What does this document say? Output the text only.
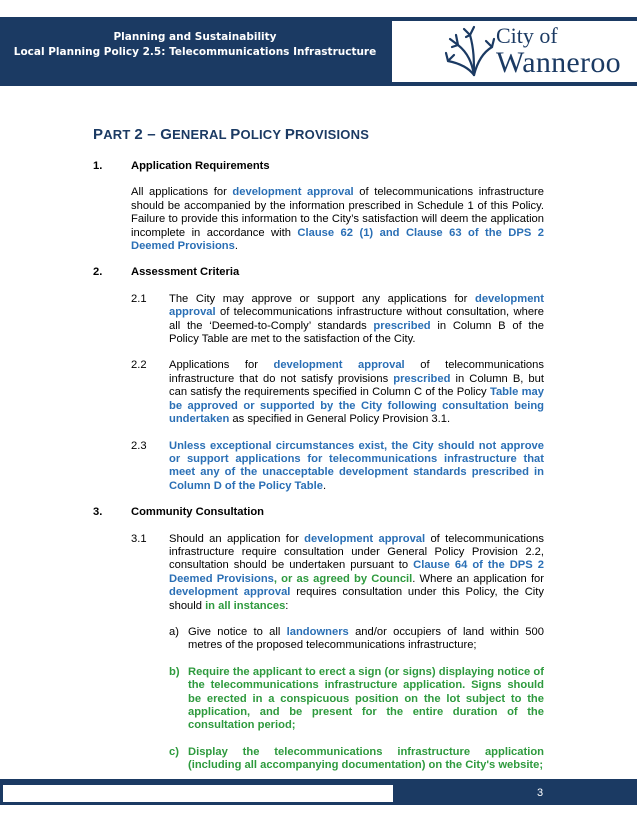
Planning and Sustainability
Local Planning Policy 2.5: Telecommunications Infrastructure
City of
Wanneroo
PART 2 – GENERAL POLICY PROVISIONS
1.	Application Requirements
All applications for development approval of telecommunications infrastructure should be accompanied by the information prescribed in Schedule 1 of this Policy. Failure to provide this information to the City’s satisfaction will deem the application incomplete in accordance with Clause 62 (1) and Clause 63 of the DPS 2 Deemed Provisions.
2.	Assessment Criteria
2.1 The City may approve or support any applications for development approval of telecommunications infrastructure without consultation, where all the ‘Deemed-to-Comply’ standards prescribed in Column B of the Policy Table are met to the satisfaction of the City.
2.2 Applications for development approval of telecommunications infrastructure that do not satisfy provisions prescribed in Column B, but can satisfy the requirements specified in Column C of the Policy Table may be approved or supported by the City following consultation being undertaken as specified in General Policy Provision 3.1.
2.3 Unless exceptional circumstances exist, the City should not approve or support applications for telecommunications infrastructure that meet any of the unacceptable development standards prescribed in Column D of the Policy Table.
3.	Community Consultation
3.1 Should an application for development approval of telecommunications infrastructure require consultation under General Policy Provision 2.2, consultation should be undertaken pursuant to Clause 64 of the DPS 2 Deemed Provisions, or as agreed by Council. Where an application for development approval requires consultation under this Policy, the City should in all instances:
a) Give notice to all landowners and/or occupiers of land within 500 metres of the proposed telecommunications infrastructure;
b) Require the applicant to erect a sign (or signs) displaying notice of the telecommunications infrastructure application. Signs should be erected in a conspicuous position on the lot subject to the application, and be present for the entire duration of the consultation period;
c) Display the telecommunications infrastructure application (including all accompanying documentation) on the City's website;
3
